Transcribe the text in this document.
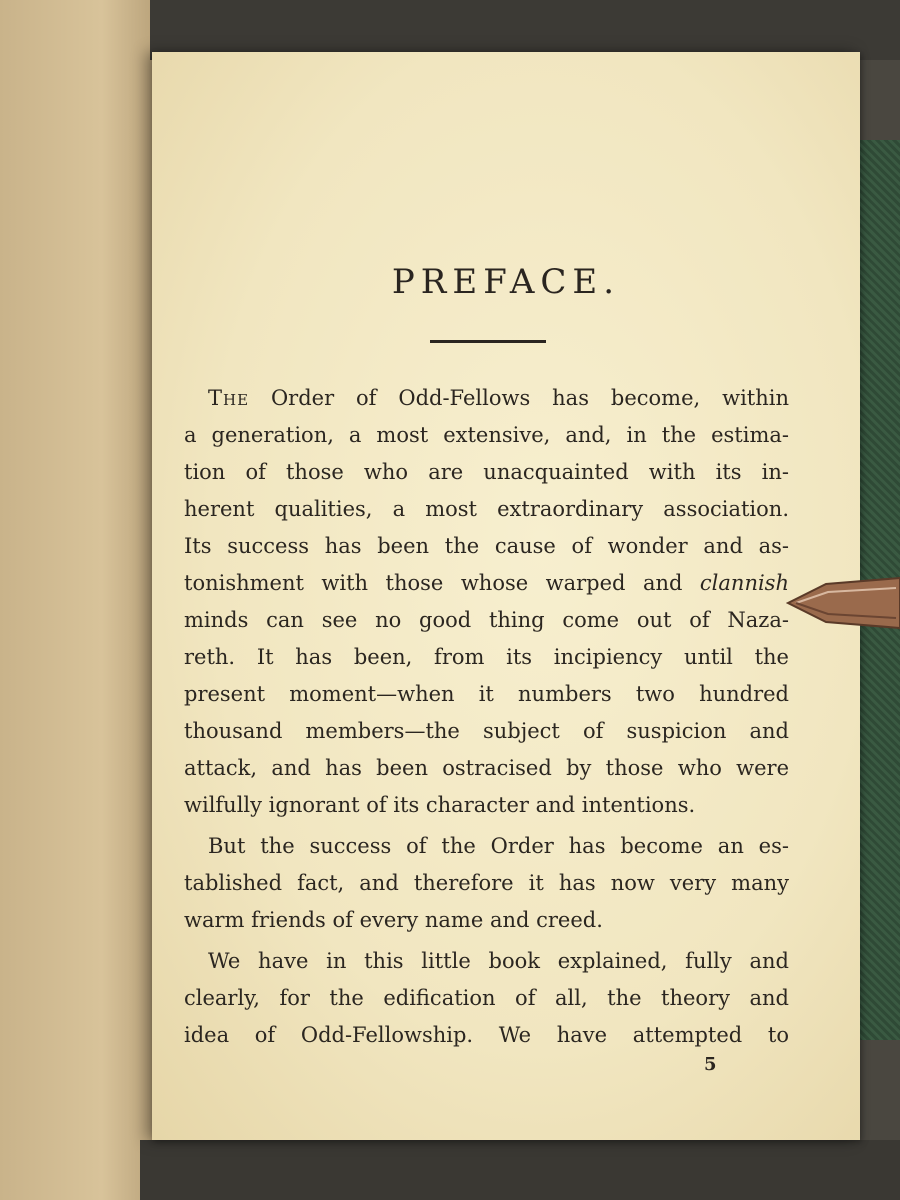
PREFACE.
The Order of Odd-Fellows has become, within
a generation, a most extensive, and, in the estima-
tion of those who are unacquainted with its in-
herent qualities, a most extraordinary association.
Its success has been the cause of wonder and as-
tonishment with those whose warped and clannish
minds can see no good thing come out of Naza-
reth. It has been, from its incipiency until the
present moment—when it numbers two hundred
thousand members—the subject of suspicion and
attack, and has been ostracised by those who were
wilfully ignorant of its character and intentions.
But the success of the Order has become an es-
tablished fact, and therefore it has now very many
warm friends of every name and creed.
We have in this little book explained, fully and
clearly, for the edification of all, the theory and
idea of Odd-Fellowship. We have attempted to
5
